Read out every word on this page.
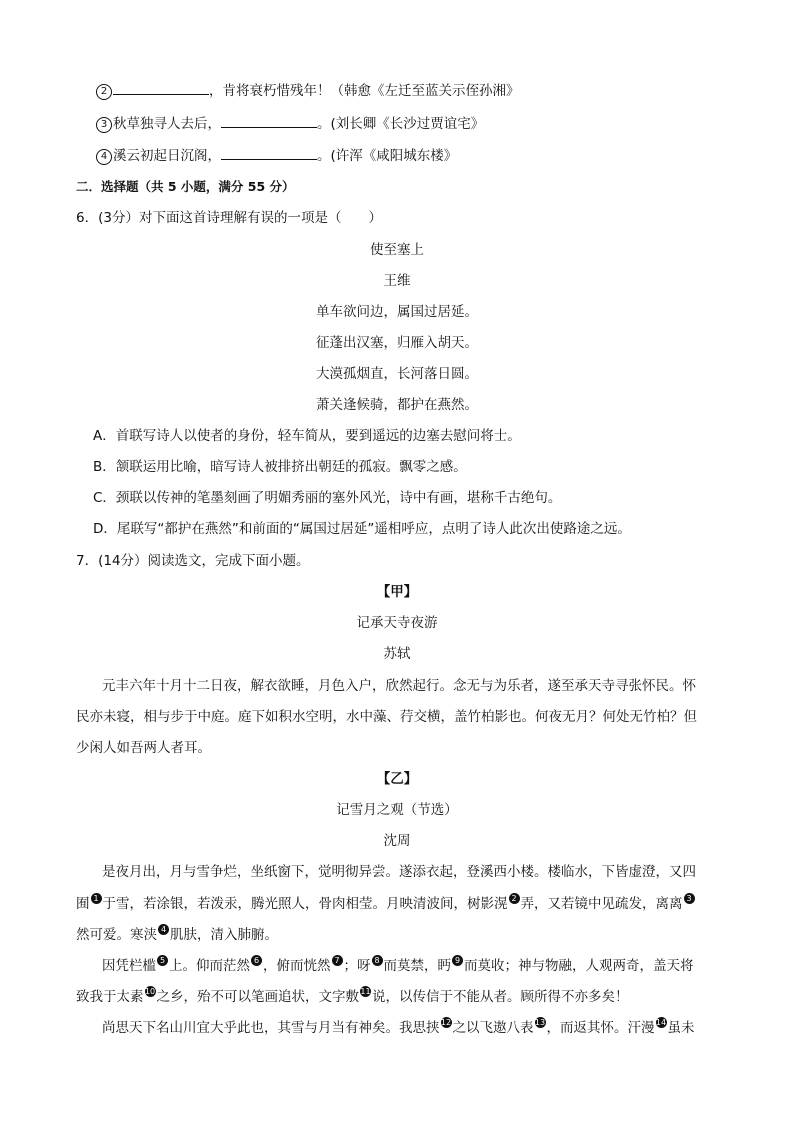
2	，肯将衰朽惜残年！（韩愈《左迁至蓝关示侄孙湘》
3 秋草独寻人去后，	。(刘长卿《长沙过贾谊宅》
4 溪云初起日沉阁，	。(许浑《咸阳城东楼》
二．选择题（共 5 小题，满分 55 分）
6．(3分）对下面这首诗理解有误的一项是（　　）
使至塞上
王维
单车欲问边，属国过居延。
征蓬出汉塞，归雁入胡天。
大漠孤烟直，长河落日圆。
萧关逢候骑，都护在燕然。
A．首联写诗人以使者的身份，轻车简从，要到遥远的边塞去慰问将士。
B．颔联运用比喻，暗写诗人被排挤出朝廷的孤寂。飘零之感。
C．颈联以传神的笔墨刻画了明媚秀丽的塞外风光，诗中有画，堪称千古绝句。
D．尾联写“都护在燕然”和前面的“属国过居延”遥相呼应，点明了诗人此次出使路途之远。
7．(14分）阅读选文，完成下面小题。
【甲】
记承天寺夜游
苏轼
元丰六年十月十二日夜，解衣欲睡，月色入户，欣然起行。念无与为乐者，遂至承天寺寻张怀民。怀
民亦未寝，相与步于中庭。庭下如积水空明，水中藻、荇交横，盖竹柏影也。何夜无月？何处无竹柏？但
少闲人如吾两人者耳。
【乙】
记雪月之观（节选）
沈周
是夜月出，月与雪争烂，坐纸窗下，觉明彻异尝。遂添衣起，登溪西小楼。楼临水，下皆虚澄，又四
囿 1 于雪，若涂银，若泼汞，腾光照人，骨肉相莹。月映清波间，树影滉 2 弄，又若镜中见疏发，离离 3
然可爱。寒浃 4 肌肤，清入肺腑。
因凭栏槛 5 上。仰而茫然 6 ，俯而恍然 7 ；呀 8 而莫禁，眄 9 而莫收；神与物融，人观两奇，盖天将
致我于太素10之乡，殆不可以笔画追状，文字敷11说，以传信于不能从者。顾所得不亦多矣！
尚思天下名山川宜大乎此也，其雪与月当有神矣。我思挟12之以飞遨八表13，而返其怀。汗漫14虽未
